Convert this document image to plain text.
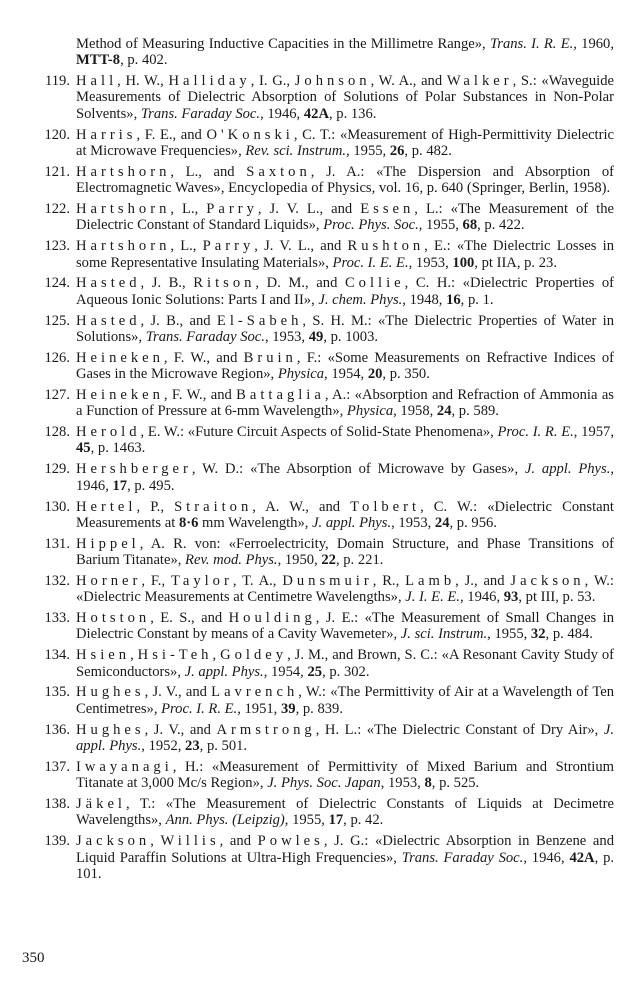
Method of Measuring Inductive Capacities in the Millimetre Range», Trans. I. R. E., 1960, MTT-8, p. 402.
119. Hall, H. W., Halliday, I. G., Johnson, W. A., and Walker, S.: «Waveguide Measurements of Dielectric Absorption of Solutions of Polar Substances in Non-Polar Solvents», Trans. Faraday Soc., 1946, 42A, p. 136.
120. Harris, F. E., and O'Konski, C. T.: «Measurement of High-Permittivity Dielectric at Microwave Frequencies», Rev. sci. Instrum., 1955, 26, p. 482.
121. Hartshorn, L., and Saxton, J. A.: «The Dispersion and Absorption of Electromagnetic Waves», Encyclopedia of Physics, vol. 16, p. 640 (Springer, Berlin, 1958).
122. Hartshorn, L., Parry, J. V. L., and Essen, L.: «The Measurement of the Dielectric Constant of Standard Liquids», Proc. Phys. Soc., 1955, 68, p. 422.
123. Hartshorn, L., Parry, J. V. L., and Rushton, E.: «The Dielectric Losses in some Representative Insulating Materials», Proc. I. E. E., 1953, 100, pt IIA, p. 23.
124. Hasted, J. B., Ritson, D. M., and Collie, C. H.: «Dielectric Properties of Aqueous Ionic Solutions: Parts I and II», J. chem. Phys., 1948, 16, p. 1.
125. Hasted, J. B., and El-Sabeh, S. H. M.: «The Dielectric Properties of Water in Solutions», Trans. Faraday Soc., 1953, 49, p. 1003.
126. Heineken, F. W., and Bruin, F.: «Some Measurements on Refractive Indices of Gases in the Microwave Region», Physica, 1954, 20, p. 350.
127. Heineken, F. W., and Battaglia, A.: «Absorption and Refraction of Ammonia as a Function of Pressure at 6-mm Wavelength», Physica, 1958, 24, p. 589.
128. Herold, E. W.: «Future Circuit Aspects of Solid-State Phenomena», Proc. I. R. E., 1957, 45, p. 1463.
129. Hershberger, W. D.: «The Absorption of Microwave by Gases», J. appl. Phys., 1946, 17, p. 495.
130. Hertel, P., Straiton, A. W., and Tolbert, C. W.: «Dielectric Constant Measurements at 8·6 mm Wavelength», J. appl. Phys., 1953, 24, p. 956.
131. Hippel, A. R. von: «Ferroelectricity, Domain Structure, and Phase Transitions of Barium Titanate», Rev. mod. Phys., 1950, 22, p. 221.
132. Horner, F., Taylor, T. A., Dunsmuir, R., Lamb, J., and Jackson, W.: «Dielectric Measurements at Centimetre Wavelengths», J. I. E. E., 1946, 93, pt III, p. 53.
133. Hotston, E. S., and Houlding, J. E.: «The Measurement of Small Changes in Dielectric Constant by means of a Cavity Wavemeter», J. sci. Instrum., 1955, 32, p. 484.
134. Hsien, Hsi-Teh, Goldey, J. M., and Brown, S. C.: «A Resonant Cavity Study of Semiconductors», J. appl. Phys., 1954, 25, p. 302.
135. Hughes, J. V., and Lavrench, W.: «The Permittivity of Air at a Wavelength of Ten Centimetres», Proc. I. R. E., 1951, 39, p. 839.
136. Hughes, J. V., and Armstrong, H. L.: «The Dielectric Constant of Dry Air», J. appl. Phys., 1952, 23, p. 501.
137. Iwayanagi, H.: «Measurement of Permittivity of Mixed Barium and Strontium Titanate at 3,000 Mc/s Region», J. Phys. Soc. Japan, 1953, 8, p. 525.
138. Jäkel, T.: «The Measurement of Dielectric Constants of Liquids at Decimetre Wavelengths», Ann. Phys. (Leipzig), 1955, 17, p. 42.
139. Jackson, Willis, and Powles, J. G.: «Dielectric Absorption in Benzene and Liquid Paraffin Solutions at Ultra-High Frequencies», Trans. Faraday Soc., 1946, 42A, p. 101.
350
